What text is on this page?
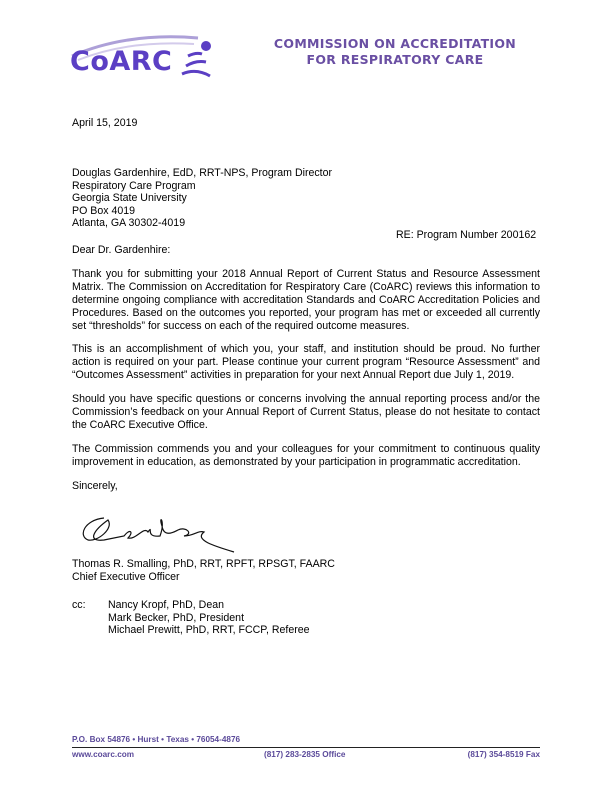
CoARC
COMMISSION ON ACCREDITATION
FOR RESPIRATORY CARE
April 15, 2019
Douglas Gardenhire, EdD, RRT-NPS, Program Director
Respiratory Care Program
Georgia State University
PO Box 4019
Atlanta, GA 30302-4019
RE: Program Number 200162
Dear Dr. Gardenhire:
Thank you for submitting your 2018 Annual Report of Current Status and Resource Assessment Matrix. The Commission on Accreditation for Respiratory Care (CoARC) reviews this information to determine ongoing compliance with accreditation Standards and CoARC Accreditation Policies and Procedures. Based on the outcomes you reported, your program has met or exceeded all currently set “thresholds” for success on each of the required outcome measures.
This is an accomplishment of which you, your staff, and institution should be proud. No further action is required on your part. Please continue your current program “Resource Assessment” and “Outcomes Assessment” activities in preparation for your next Annual Report due July 1, 2019.
Should you have specific questions or concerns involving the annual reporting process and/or the Commission’s feedback on your Annual Report of Current Status, please do not hesitate to contact the CoARC Executive Office.
The Commission commends you and your colleagues for your commitment to continuous quality improvement in education, as demonstrated by your participation in programmatic accreditation.
Sincerely,
Thomas R. Smalling, PhD, RRT, RPFT, RPSGT, FAARC
Chief Executive Officer
cc: Nancy Kropf, PhD, Dean
Mark Becker, PhD, President
Michael Prewitt, PhD, RRT, FCCP, Referee
P.O. Box 54876 • Hurst • Texas • 76054-4876
www.coarc.com	(817) 283-2835 Office	(817) 354-8519 Fax
